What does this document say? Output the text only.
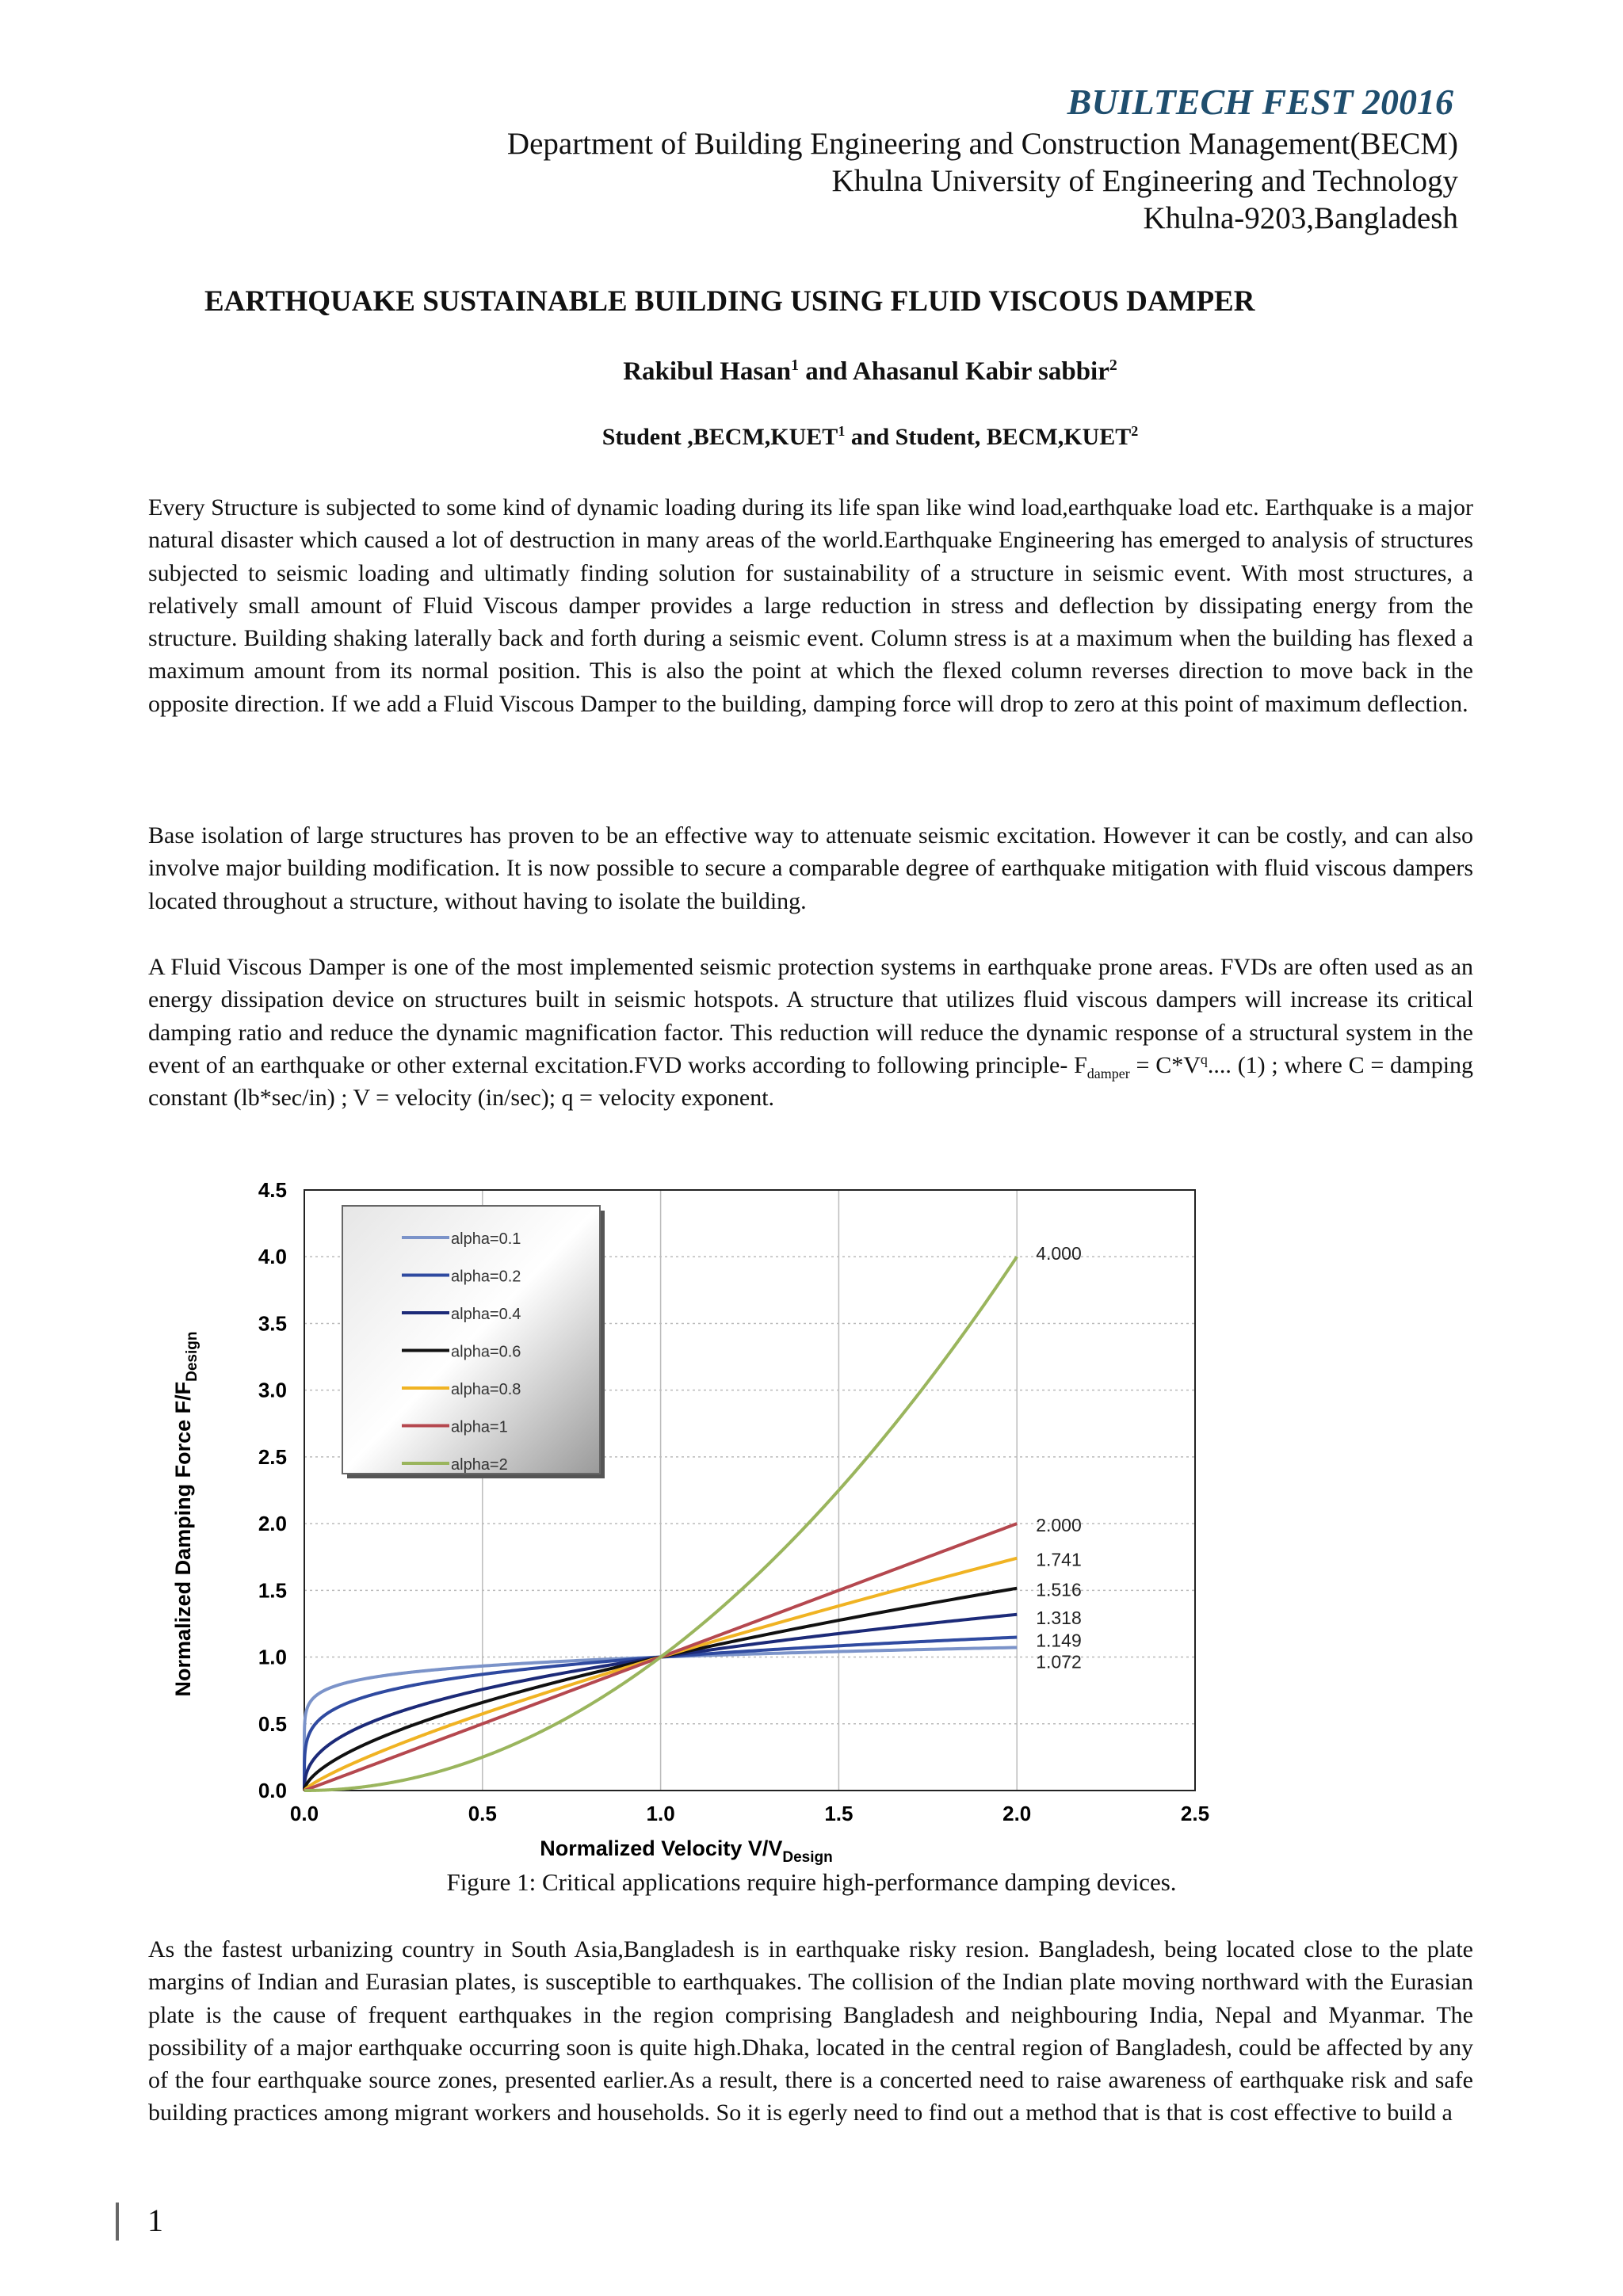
BUILTECH FEST 20016
Department of Building Engineering and Construction Management(BECM)
Khulna University of Engineering and Technology
Khulna-9203,Bangladesh
EARTHQUAKE SUSTAINABLE BUILDING USING FLUID VISCOUS DAMPER
Rakibul Hasan$^1$ and Ahasanul Kabir sabbir$^2$
Student ,BECM,KUET$^1$ and Student, BECM,KUET$^2$

Every Structure is subjected to some kind of dynamic loading during its life span like wind load,earthquake load etc. Earthquake is a major natural disaster which caused a lot of destruction in many areas of the world.Earthquake Engineering has emerged to analysis of structures subjected to seismic loading and ultimatly finding solution for sustainability of a structure in seismic event. With most structures, a relatively small amount of Fluid Viscous damper provides a large reduction in stress and deflection by dissipating energy from the structure. Building shaking laterally back and forth during a seismic event. Column stress is at a maximum when the building has flexed a maximum amount from its normal position. This is also the point at which the flexed column reverses direction to move back in the opposite direction. If we add a Fluid Viscous Damper to the building, damping force will drop to zero at this point of maximum deflection.

Base isolation of large structures has proven to be an effective way to attenuate seismic excitation. However it can be costly, and can also involve major building modification. It is now possible to secure a comparable degree of earthquake mitigation with fluid viscous dampers located throughout a structure, without having to isolate the building.

A Fluid Viscous Damper is one of the most implemented seismic protection systems in earthquake prone areas. FVDs are often used as an energy dissipation device on structures built in seismic hotspots. A structure that utilizes fluid viscous dampers will increase its critical damping ratio and reduce the dynamic magnification factor. This reduction will reduce the dynamic response of a structural system in the event of an earthquake or other external excitation.FVD works according to following principle- $F_{damper} = C*V^q$.... (1) ; where C = damping constant (lb*sec/in) ; V = velocity (in/sec); q = velocity exponent.

0.0	0.5	1.0	1.5	2.0	2.5
0.0
0.5
1.0
1.5
2.0
2.5
3.0
3.5
4.0
4.5
4.000
2.000
1.741
1.516
1.318
1.149
1.072
alpha=0.1
alpha=0.2
alpha=0.4
alpha=0.6
alpha=0.8
alpha=1
alpha=2
Normalized Velocity $V/V_{Design}$
Normalized Damping Force $F/F_{Design}$
Figure 1: Critical applications require high-performance damping devices.

As the fastest urbanizing country in South Asia,Bangladesh is in earthquake risky resion. Bangladesh, being located close to the plate margins of Indian and Eurasian plates, is susceptible to earthquakes. The collision of the Indian plate moving northward with the Eurasian plate is the cause of frequent earthquakes in the region comprising Bangladesh and neighbouring India, Nepal and Myanmar. The possibility of a major earthquake occurring soon is quite high.Dhaka, located in the central region of Bangladesh, could be affected by any of the four earthquake source zones, presented earlier.As a result, there is a concerted need to raise awareness of earthquake risk and safe building practices among migrant workers and households. So it is egerly need to find out a method that is that is cost effective to build a

1
